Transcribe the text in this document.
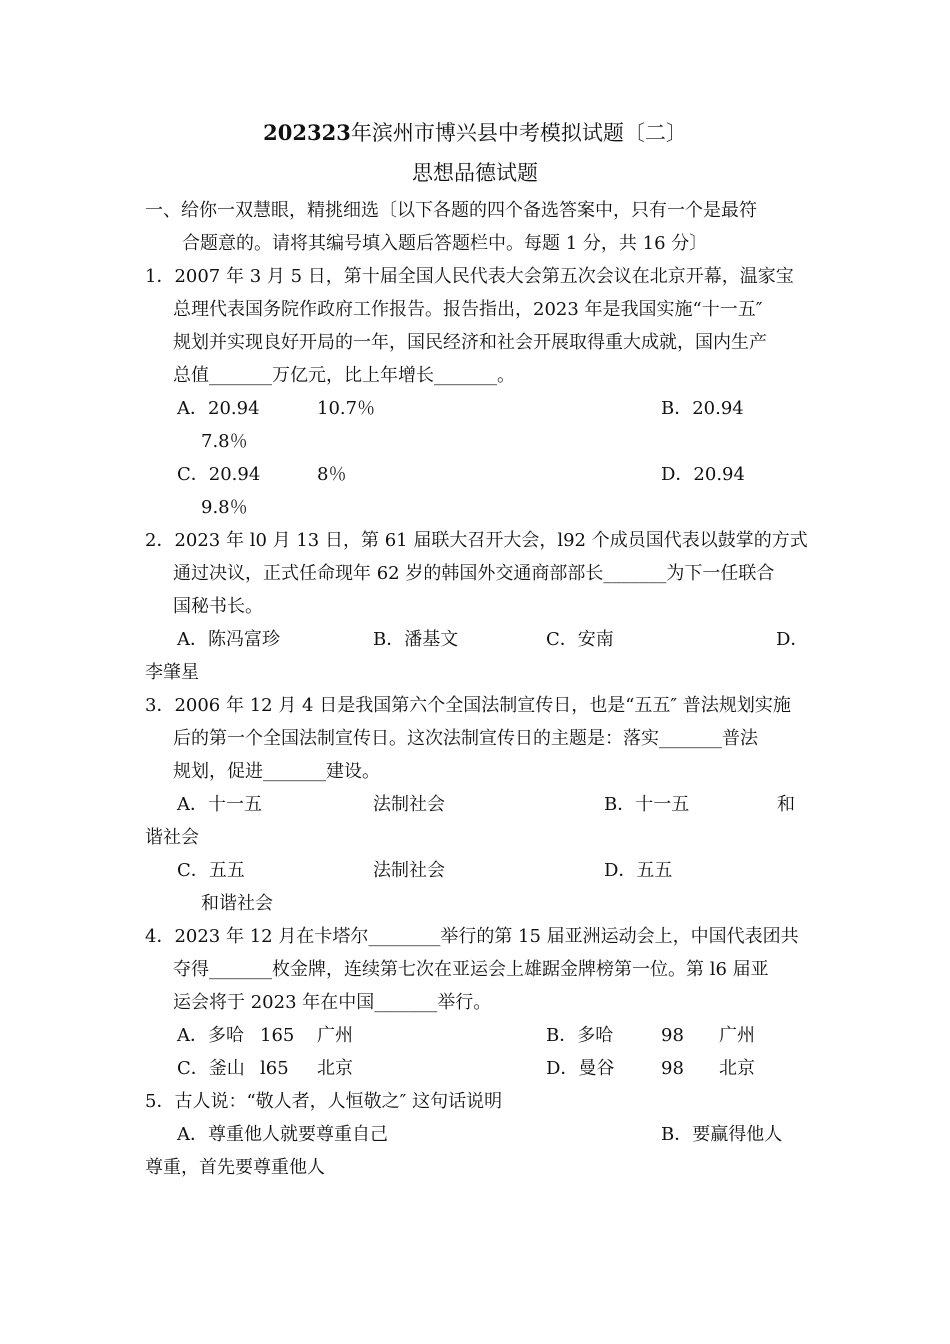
202323年滨州市博兴县中考模拟试题〔二〕
思想品德试题
一、给你一双慧眼，精挑细选〔以下各题的四个备选答案中，只有一个是最符
合题意的。请将其编号填入题后答题栏中。每题 1 分，共 16 分〕
1．2007 年 3 月 5 日，第十届全国人民代表大会第五次会议在北京开幕，温家宝
总理代表国务院作政府工作报告。报告指出，2023 年是我国实施“十一五″
规划并实现良好开局的一年，国民经济和社会开展取得重大成就，国内生产
总值_______万亿元，比上年增长_______。
A．20.94	10.7％	B．20.94
7.8％
C．20.94	8％	D．20.94
9.8％
2．2023 年 l0 月 13 日，第 61 届联大召开大会，l92 个成员国代表以鼓掌的方式
通过决议，正式任命现年 62 岁的韩国外交通商部部长_______为下一任联合
国秘书长。
A．陈冯富珍	B．潘基文	C．安南	D．
李肇星
3．2006 年 12 月 4 日是我国第六个全国法制宣传日，也是“五五″ 普法规划实施
后的第一个全国法制宣传日。这次法制宣传日的主题是：落实_______普法
规划，促进_______建设。
A．十一五	法制社会	B．十一五	和
谐社会
C．五五	法制社会	D．五五
和谐社会
4．2023 年 12 月在卡塔尔________举行的第 15 届亚洲运动会上，中国代表团共
夺得_______枚金牌，连续第七次在亚运会上雄踞金牌榜第一位。第 l6 届亚
运会将于 2023 年在中国_______举行。
A．多哈 165 广州	B．多哈	98 广州
C．釜山 l65 北京	D．曼谷	98 北京
5．古人说：“敬人者，人恒敬之″ 这句话说明
A．尊重他人就要尊重自己	B．要赢得他人
尊重，首先要尊重他人
